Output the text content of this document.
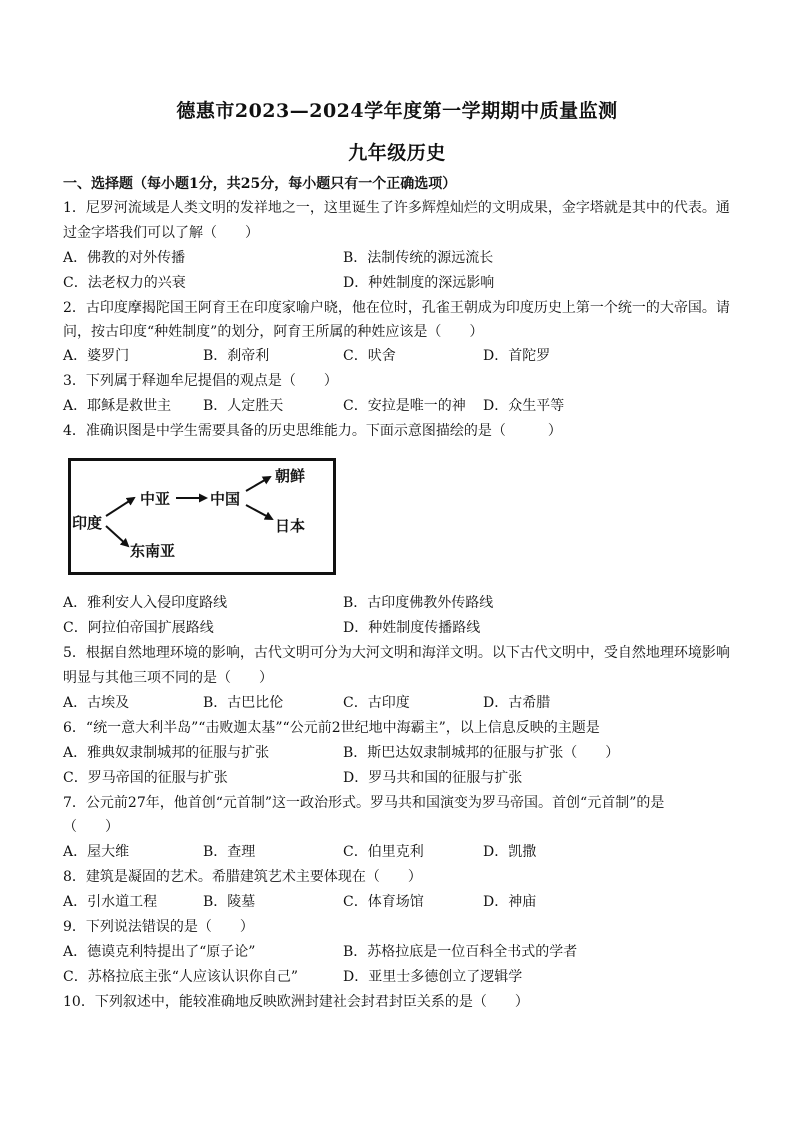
德惠市2023—2024学年度第一学期期中质量监测
九年级历史
一、选择题（每小题1分，共25分，每小题只有一个正确选项）
1．尼罗河流域是人类文明的发祥地之一，这里诞生了许多辉煌灿烂的文明成果，金字塔就是其中的代表。通
过金字塔我们可以了解（　　）
A．佛教的对外传播	B．法制传统的源远流长
C．法老权力的兴衰	D．种姓制度的深远影响
2．古印度摩揭陀国王阿育王在印度家喻户晓，他在位时，孔雀王朝成为印度历史上第一个统一的大帝国。请
问，按古印度“种姓制度”的划分，阿育王所属的种姓应该是（　　）
A．婆罗门	B．刹帝利	C．吠舍	D．首陀罗
3．下列属于释迦牟尼提倡的观点是（　　）
A．耶稣是救世主 B．人定胜天	C．安拉是唯一的神 D．众生平等
4．准确识图是中学生需要具备的历史思维能力。下面示意图描绘的是（　　　）
印度
中亚	中国
朝鲜
日本
东南亚
A．雅利安人入侵印度路线	B．古印度佛教外传路线
C．阿拉伯帝国扩展路线	D．种姓制度传播路线
5．根据自然地理环境的影响，古代文明可分为大河文明和海洋文明。以下古代文明中，受自然地理环境影响
明显与其他三项不同的是（　　）
A．古埃及	B．古巴比伦	C．古印度	D．古希腊
6．“统一意大利半岛”“击败迦太基”“公元前2世纪地中海霸主”，以上信息反映的主题是
A．雅典奴隶制城邦的征服与扩张	B．斯巴达奴隶制城邦的征服与扩张（　　）
C．罗马帝国的征服与扩张	D．罗马共和国的征服与扩张
7．公元前27年，他首创“元首制”这一政治形式。罗马共和国演变为罗马帝国。首创“元首制”的是
（　　）
A．屋大维	B．查理	C．伯里克利	D．凯撒
8．建筑是凝固的艺术。希腊建筑艺术主要体现在（　　）
A．引水道工程	B．陵墓	C．体育场馆	D．神庙
9．下列说法错误的是（　　）
A．德谟克利特提出了“原子论”	B．苏格拉底是一位百科全书式的学者
C．苏格拉底主张“人应该认识你自己”	D．亚里士多德创立了逻辑学
10．下列叙述中，能较准确地反映欧洲封建社会封君封臣关系的是（　　）
